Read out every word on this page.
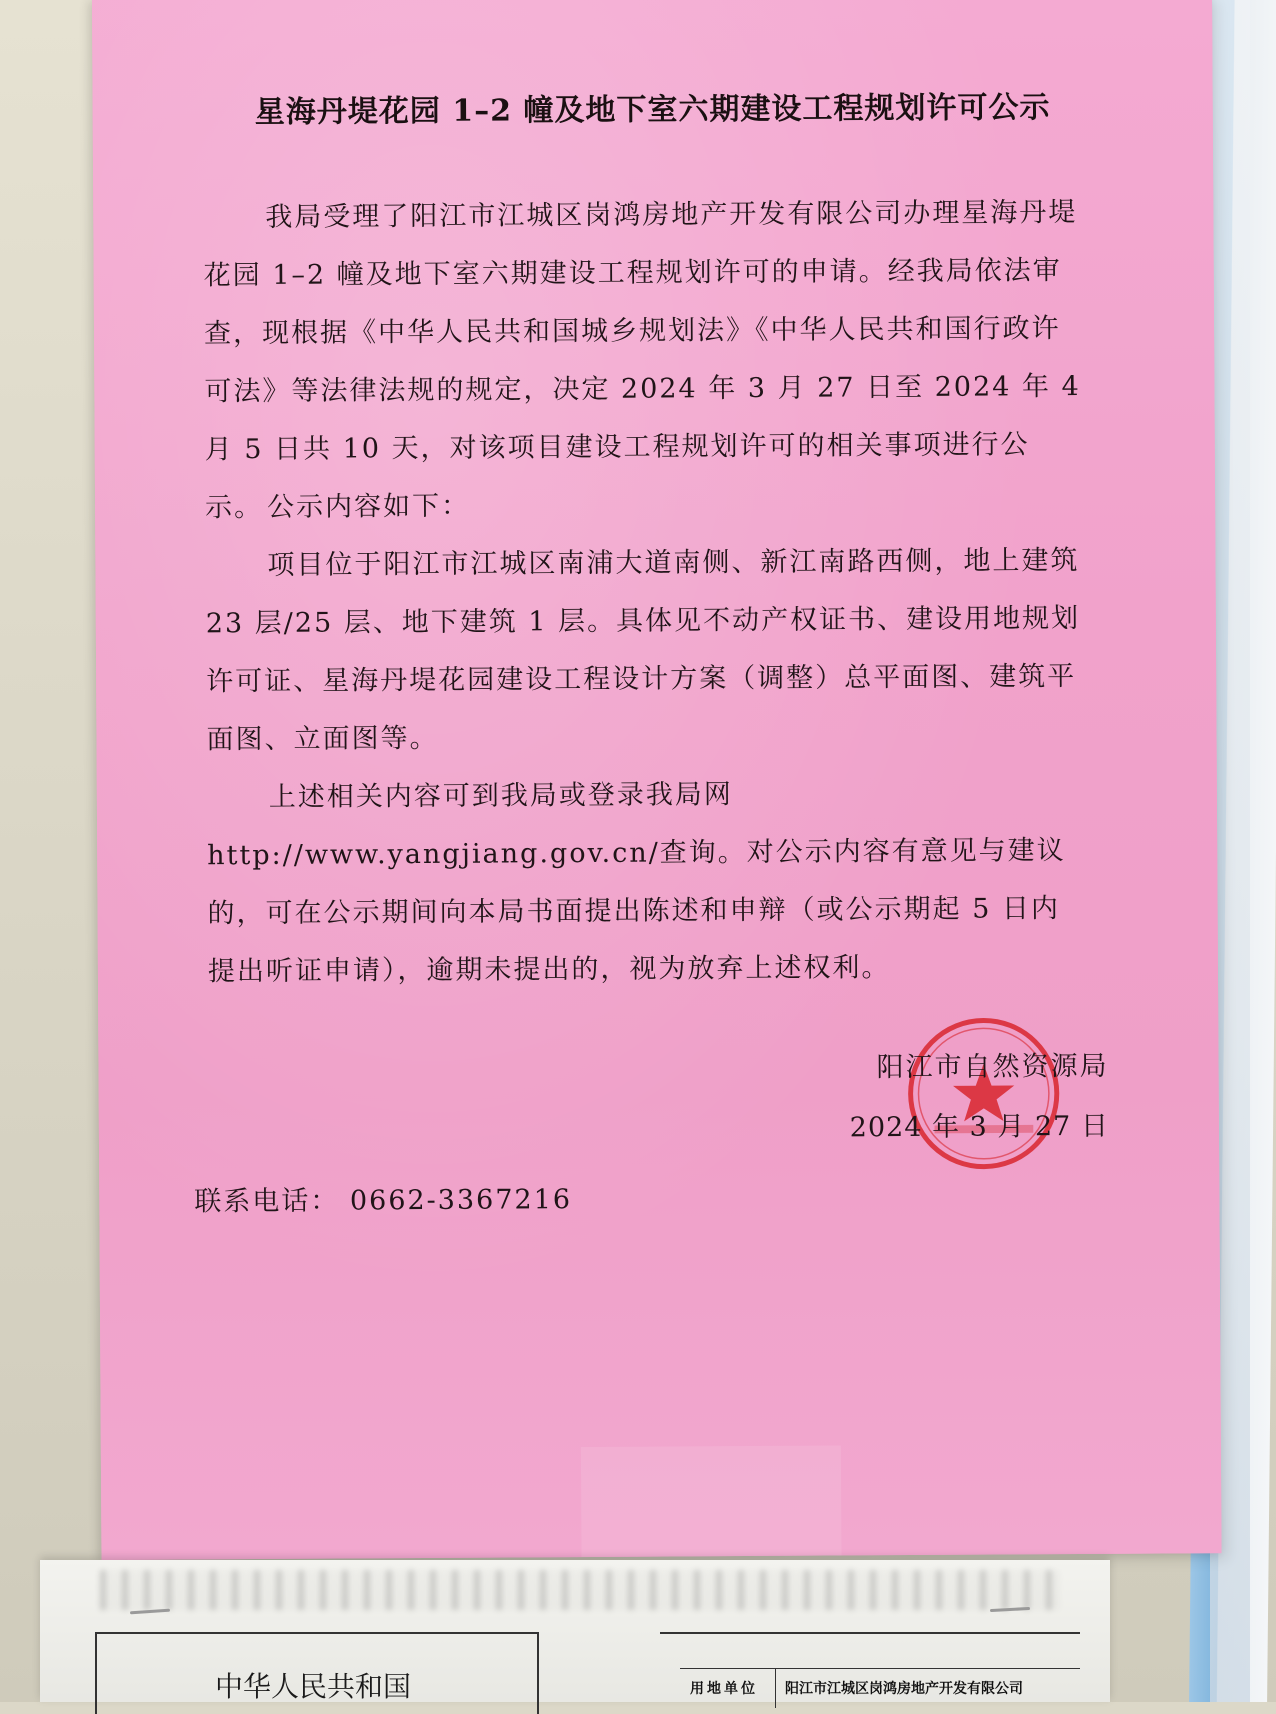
星海丹堤花园 1–2 幢及地下室六期建设工程规划许可公示
我局受理了阳江市江城区岗鸿房地产开发有限公司办理星海丹堤花园 1–2 幢及地下室六期建设工程规划许可的申请。经我局依法审查，现根据《中华人民共和国城乡规划法》《中华人民共和国行政许可法》等法律法规的规定，决定 2024 年 3 月 27 日至 2024 年 4 月 5 日共 10 天，对该项目建设工程规划许可的相关事项进行公示。 公示内容如下：
项目位于阳江市江城区南浦大道南侧、新江南路西侧，地上建筑 23 层/25 层、地下建筑 1 层。具体见不动产权证书、建设用地规划许可证、星海丹堤花园建设工程设计方案（调整）总平面图、建筑平面图、立面图等。
上述相关内容可到我局或登录我局网 http://www.yangjiang.gov.cn/查询。对公示内容有意见与建议的，可在公示期间向本局书面提出陈述和申辩（或公示期起 5 日内提出听证申请），逾期未提出的，视为放弃上述权利。
阳江市自然资源局
2024 年 3 月 27 日
联系电话： 0662-3367216
中华人民共和国	用地单位 阳江市江城区岗鸿房地产开发有限公司
